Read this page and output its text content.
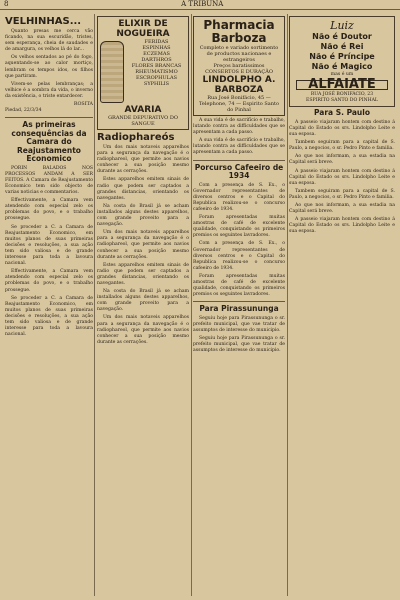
8	A TRIBUNA
VELHINHAS...

Quanto presas me cerca vão ficando, na sua escuridão, tristes, sem esperança, cheia de saudades e de amargura, os velhos lá do lar...

Os velhos sentados ao pé do fogo, aquentando-se ao calor mortiço, lembram os tempos idos, os filhos que partiram.

Vivem-se pelas lembranças; a velhice é a sombra da vida, o inverno da existência, o triste entardecer.

ROSITA
Piedad, 22/3/34
As primeiras consequências da Camara do Reajustamento Economico

PORIN BALADOS NOS PROCESSOS ANDAM A SER FEITOS. A Camara de Reajustamento Economico tem sido objecto de varias noticias e commentarios.

Effectivamente, a Camara vem atendendo com especial zelo os problemas do povo, e o trabalho prossegue.

Se proceder a C. a Camara de Reajustamento Economico, em muitos planos de suas primeiras decisões e resoluções, a sua ação tem sido valiosa e de grande interesse para toda a lavoura nacional.

Effectivamente, a Camara vem atendendo com especial zelo os problemas do povo, e o trabalho prossegue.

Se proceder a C. a Camara de Reajustamento Economico, em muitos planos de suas primeiras decisões e resoluções, a sua ação tem sido valiosa e de grande interesse para toda a lavoura nacional.

ELIXIR DE NOGUEIRA
FERIDAS
ESPINHAS
ECZEMAS
DARTHROS
FLORES BRANCAS
RHEUMATISMO
ESCROPHULAS
SYPHILIS
AVARIA
GRANDE DEPURATIVO DO SANGUE
Radiophareós

Um dos mais notaveis apparelhos para a segurança da navegação é o radiophareol, que permite aos navios conhecer a sua posição mesmo durante as cerrações.

Estes apparelhos emitem sinais de radio que podem ser captados a grandes distancias, orientando os navegantes.

Na costa do Brasil já se acham installados alguns destes apparelhos, com grande proveito para a navegação.

Um dos mais notaveis apparelhos para a segurança da navegação é o radiophareol, que permite aos navios conhecer a sua posição mesmo durante as cerrações.

Estes apparelhos emitem sinais de radio que podem ser captados a grandes distancias, orientando os navegantes.

Na costa do Brasil já se acham installados alguns destes apparelhos, com grande proveito para a navegação.

Um dos mais notaveis apparelhos para a segurança da navegação é o radiophareol, que permite aos navios conhecer a sua posição mesmo durante as cerrações.

Pharmacia Barboza
Completo e variado sortimento de productos nacionaes e estrangeiros
Preços baratissimos
CONSERTOS E DURAÇÃO
LINDOLPHO A. BARBOZA
Rua José Bonifácio, 45 — Telephone, 74 — Espirito Santo do Pinhal

A sua vida é de sacrifício e trabalho, lutando contra as difficuldades que se apresentam a cada passo.

A sua vida é de sacrifício e trabalho, lutando contra as difficuldades que se apresentam a cada passo.

Porcurso Cafeeiro de 1934

Com a presença de S. Ex., o Governador representantes de diversos centros e o Capital do Republica realizou-se o concurso cafeeiro de 1934.

Foram apresentadas muitas amostras de café de excelente qualidade, conquistando os primeiros premios os seguintes lavradores.

Com a presença de S. Ex., o Governador representantes de diversos centros e o Capital do Republica realizou-se o concurso cafeeiro de 1934.

Foram apresentadas muitas amostras de café de excelente qualidade, conquistando os primeiros premios os seguintes lavradores.

Para Pirassununga

Seguiu hoje para Pirassununga o sr. prefeito municipal, que vae tratar de assumptos de interesse do municipio.

Seguiu hoje para Pirassununga o sr. prefeito municipal, que vae tratar de assumptos de interesse do municipio.

Luiz
Não é Doutor
Não é Rei
Não é Príncipe
Não é Magico
mas é um
ALFAIATE
RUA JOSÉ BONIFÁCIO, 23
ESPIRITO SANTO DO PINHAL
Para S. Paulo

A passeio viajaram hontem com destino á Capital do Estado os srs. Lindolpho Leite e sua esposa.

Tambem seguiram para a capital de S. Paulo, a negocios, o sr. Pedro Pinto e familia.

Ao que nos informam, a sua estadia na Capital será breve.

A passeio viajaram hontem com destino á Capital do Estado os srs. Lindolpho Leite e sua esposa.

Tambem seguiram para a capital de S. Paulo, a negocios, o sr. Pedro Pinto e familia.

Ao que nos informam, a sua estadia na Capital será breve.

A passeio viajaram hontem com destino á Capital do Estado os srs. Lindolpho Leite e sua esposa.
